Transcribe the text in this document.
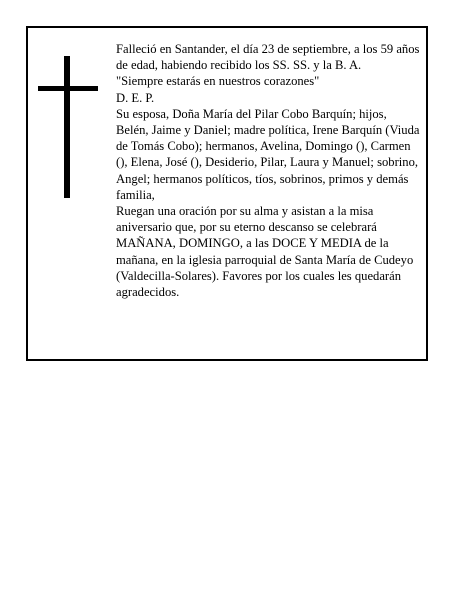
Falleció en Santander, el día 23 de septiembre, a los 59 años de edad, habiendo recibido los SS. SS. y la B. A.

"Siempre estarás en nuestros corazones"

D. E. P.

Su esposa, Doña María del Pilar Cobo Barquín; hijos, Belén, Jaime y Daniel; madre política, Irene Barquín (Viuda de Tomás Cobo); hermanos, Avelina, Domingo (), Carmen (), Elena, José (), Desiderio, Pilar, Laura y Manuel; sobrino, Angel; hermanos políticos, tíos, sobrinos, primos y demás familia,

Ruegan una oración por su alma y asistan a la misa aniversario que, por su eterno descanso se celebrará MAÑANA, DOMINGO, a las DOCE Y MEDIA de la mañana, en la iglesia parroquial de Santa María de Cudeyo (Valdecilla-Solares). Favores por los cuales les quedarán agradecidos.
